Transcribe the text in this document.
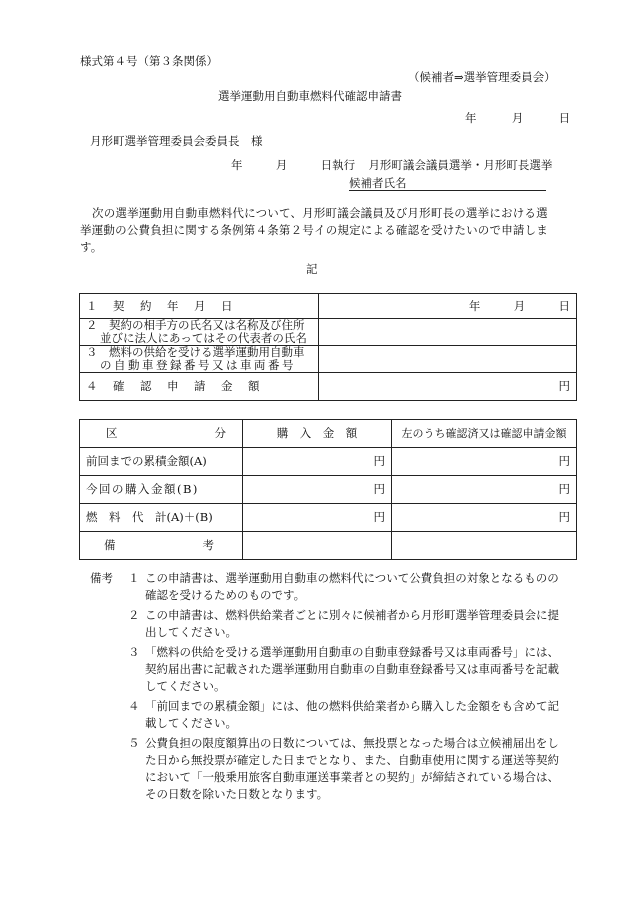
様式第４号（第３条関係）
（候補者⇒選挙管理委員会）
選挙運動用自動車燃料代確認申請書
年	月	日
月形町選挙管理委員会委員長　様
年	月	日執行 月形町議会議員選挙・月形町長選挙
候補者氏名
次の選挙運動用自動車燃料代について、月形町議会議員及び月形町長の選挙における選挙運動の公費負担に関する条例第４条第２号イの規定による確認を受けたいので申請します。
記
１　契　約　年　月　日	年 月 日

２　契約の相手方の氏名又は名称及び住所
並びに法人にあってはその代表者の氏名	

３　燃料の供給を受ける選挙運動用自動車
の自動車登録番号又は車両番号	

４　確　認　申　請　金　額	円
区 分	購　入　金　額	左のうち確認済又は確認申請金額
前回までの累積金額(A)	円	円
今回の購入金額(B)	円	円
燃　料　代　計(A)＋(B)	円	円

備 考		

備考 １ この申請書は、選挙運動用自動車の燃料代について公費負担の対象となるものの確認を受けるためのものです。
２ この申請書は、燃料供給業者ごとに別々に候補者から月形町選挙管理委員会に提出してください。
３ 「燃料の供給を受ける選挙運動用自動車の自動車登録番号又は車両番号」には、契約届出書に記載された選挙運動用自動車の自動車登録番号又は車両番号を記載してください。
４ 「前回までの累積金額」には、他の燃料供給業者から購入した金額をも含めて記載してください。
５ 公費負担の限度額算出の日数については、無投票となった場合は立候補届出をした日から無投票が確定した日までとなり、また、自動車使用に関する運送等契約において「一般乗用旅客自動車運送事業者との契約」が締結されている場合は、その日数を除いた日数となります。
